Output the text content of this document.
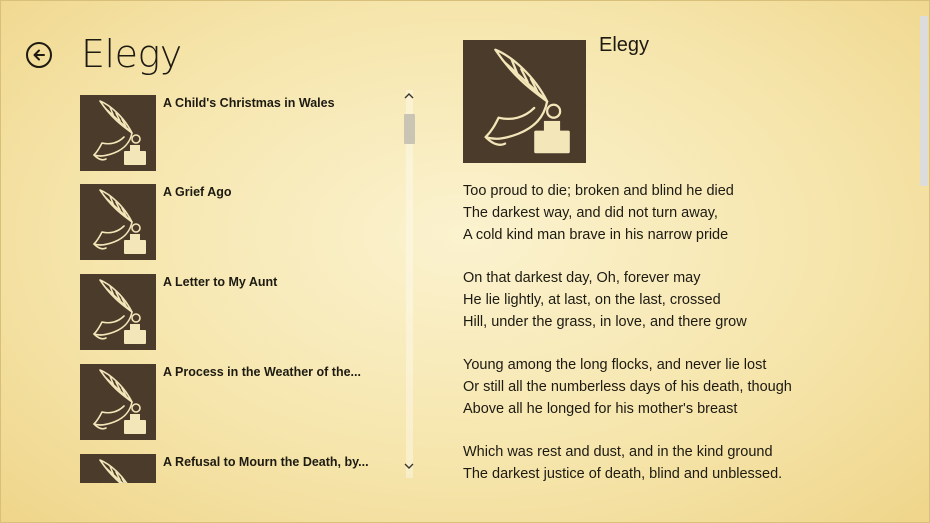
Elegy
A Child's Christmas in Wales
A Grief Ago
A Letter to My Aunt
A Process in the Weather of the...
A Refusal to Mourn the Death, by...
Elegy
Too proud to die; broken and blind he died
The darkest way, and did not turn away,
A cold kind man brave in his narrow pride
On that darkest day, Oh, forever may
He lie lightly, at last, on the last, crossed
Hill, under the grass, in love, and there grow
Young among the long flocks, and never lie lost
Or still all the numberless days of his death, though
Above all he longed for his mother's breast
Which was rest and dust, and in the kind ground
The darkest justice of death, blind and unblessed.
